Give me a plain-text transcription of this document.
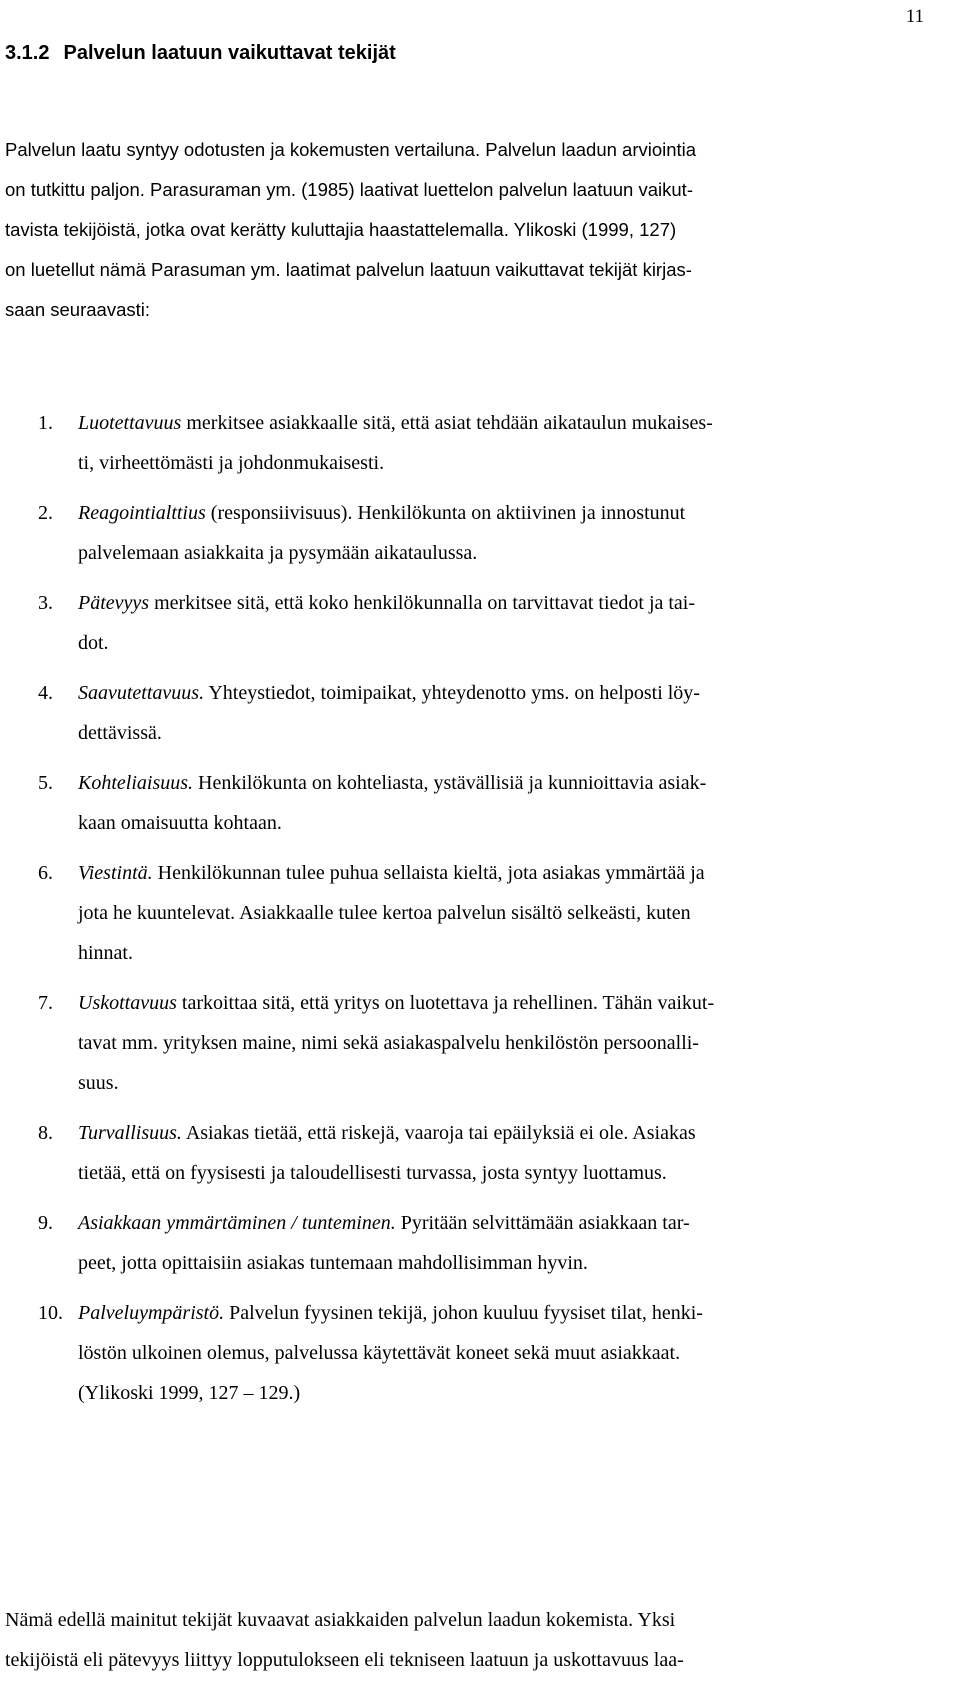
11
3.1.2 Palvelun laatuun vaikuttavat tekijät
Palvelun laatu syntyy odotusten ja kokemusten vertailuna. Palvelun laadun arviointia
on tutkittu paljon. Parasuraman ym. (1985) laativat luettelon palvelun laatuun vaikut-
tavista tekijöistä, jotka ovat kerätty kuluttajia haastattelemalla. Ylikoski (1999, 127)
on luetellut nämä Parasuman ym. laatimat palvelun laatuun vaikuttavat tekijät kirjas-
saan seuraavasti:
1. Luotettavuus merkitsee asiakkaalle sitä, että asiat tehdään aikataulun mukaises-
ti, virheettömästi ja johdonmukaisesti.
2. Reagointialttius (responsiivisuus). Henkilökunta on aktiivinen ja innostunut
palvelemaan asiakkaita ja pysymään aikataulussa.
3. Pätevyys merkitsee sitä, että koko henkilökunnalla on tarvittavat tiedot ja tai-
dot.
4. Saavutettavuus. Yhteystiedot, toimipaikat, yhteydenotto yms. on helposti löy-
dettävissä.
5. Kohteliaisuus. Henkilökunta on kohteliasta, ystävällisiä ja kunnioittavia asiak-
kaan omaisuutta kohtaan.
6. Viestintä. Henkilökunnan tulee puhua sellaista kieltä, jota asiakas ymmärtää ja
jota he kuuntelevat. Asiakkaalle tulee kertoa palvelun sisältö selkeästi, kuten
hinnat.
7. Uskottavuus tarkoittaa sitä, että yritys on luotettava ja rehellinen. Tähän vaikut-
tavat mm. yrityksen maine, nimi sekä asiakaspalvelu henkilöstön persoonalli-
suus.
8. Turvallisuus. Asiakas tietää, että riskejä, vaaroja tai epäilyksiä ei ole. Asiakas
tietää, että on fyysisesti ja taloudellisesti turvassa, josta syntyy luottamus.
9. Asiakkaan ymmärtäminen / tunteminen. Pyritään selvittämään asiakkaan tar-
peet, jotta opittaisiin asiakas tuntemaan mahdollisimman hyvin.
10. Palveluympäristö. Palvelun fyysinen tekijä, johon kuuluu fyysiset tilat, henki-
löstön ulkoinen olemus, palvelussa käytettävät koneet sekä muut asiakkaat.
(Ylikoski 1999, 127 – 129.)
Nämä edellä mainitut tekijät kuvaavat asiakkaiden palvelun laadun kokemista. Yksi
tekijöistä eli pätevyys liittyy lopputulokseen eli tekniseen laatuun ja uskottavuus laa-
